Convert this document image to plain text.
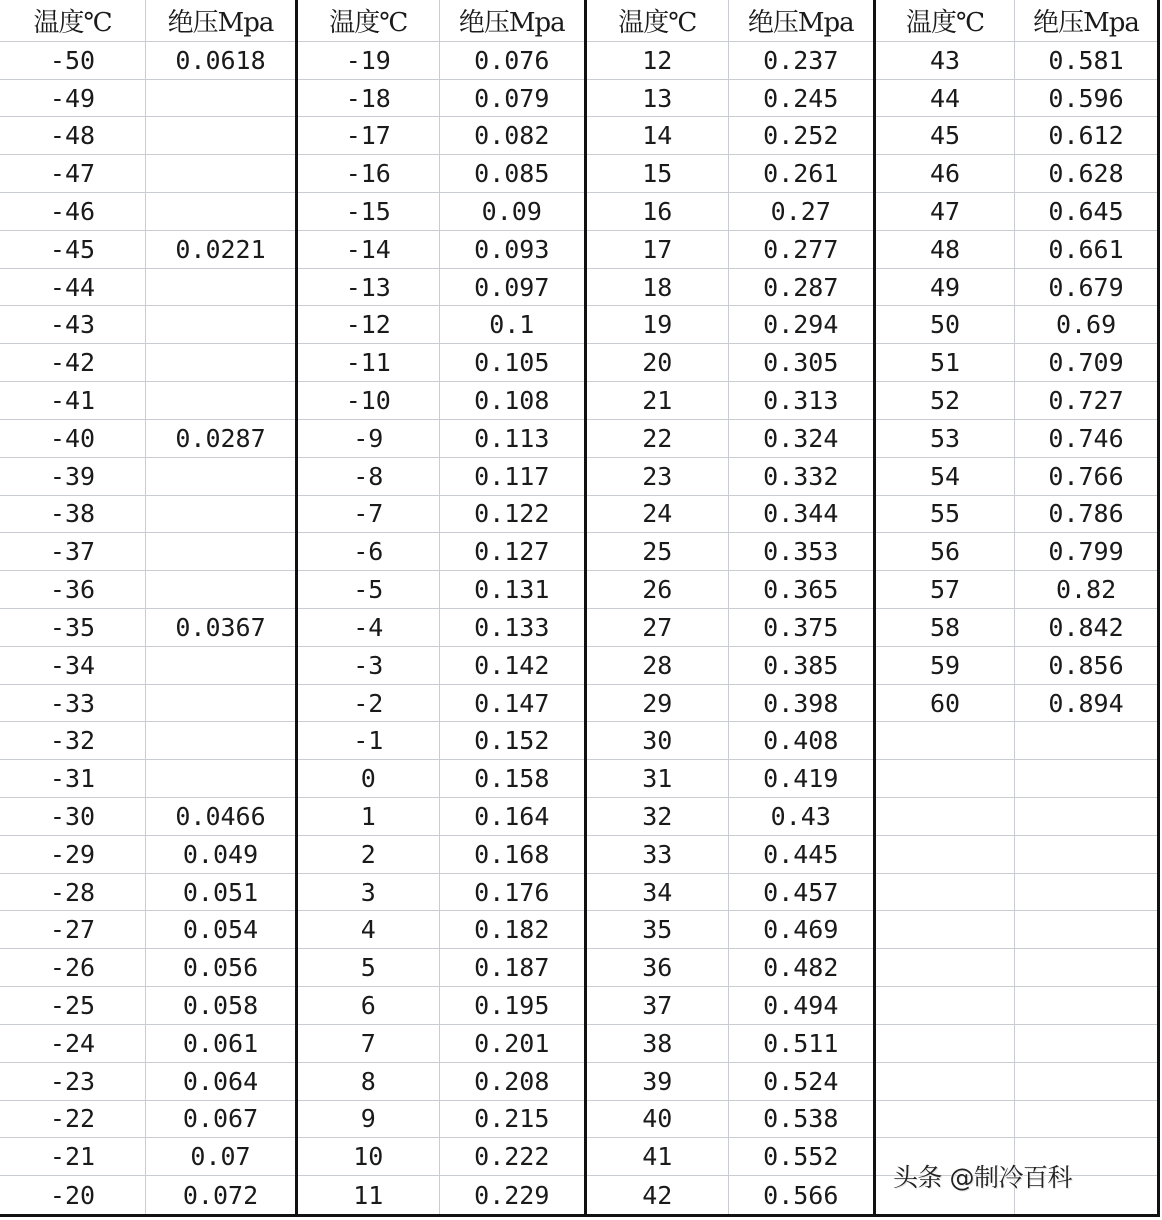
温度℃	绝压Mpa
-50	0.0618
-49
-48
-47
-46
-45	0.0221
-44
-43
-42
-41
-40	0.0287
-39
-38
-37
-36
-35	0.0367
-34
-33
-32
-31
-30	0.0466
-29	0.049
-28	0.051
-27	0.054
-26	0.056
-25	0.058
-24	0.061
-23	0.064
-22	0.067
-21	0.07
-20	0.072
温度℃	绝压Mpa
-19	0.076
-18	0.079
-17	0.082
-16	0.085
-15	0.09
-14	0.093
-13	0.097
-12	0.1
-11	0.105
-10	0.108
-9	0.113
-8	0.117
-7	0.122
-6	0.127
-5	0.131
-4	0.133
-3	0.142
-2	0.147
-1	0.152
0	0.158
1	0.164
2	0.168
3	0.176
4	0.182
5	0.187
6	0.195
7	0.201
8	0.208
9	0.215
10	0.222
11	0.229
温度℃	绝压Mpa
12	0.237
13	0.245
14	0.252
15	0.261
16	0.27
17	0.277
18	0.287
19	0.294
20	0.305
21	0.313
22	0.324
23	0.332
24	0.344
25	0.353
26	0.365
27	0.375
28	0.385
29	0.398
30	0.408
31	0.419
32	0.43
33	0.445
34	0.457
35	0.469
36	0.482
37	0.494
38	0.511
39	0.524
40	0.538
41	0.552
42	0.566
温度℃	绝压Mpa
43	0.581
44	0.596
45	0.612
46	0.628
47	0.645
48	0.661
49	0.679
50	0.69
51	0.709
52	0.727
53	0.746
54	0.766
55	0.786
56	0.799
57	0.82
58	0.842
59	0.856
60	0.894
头条 @制冷百科
